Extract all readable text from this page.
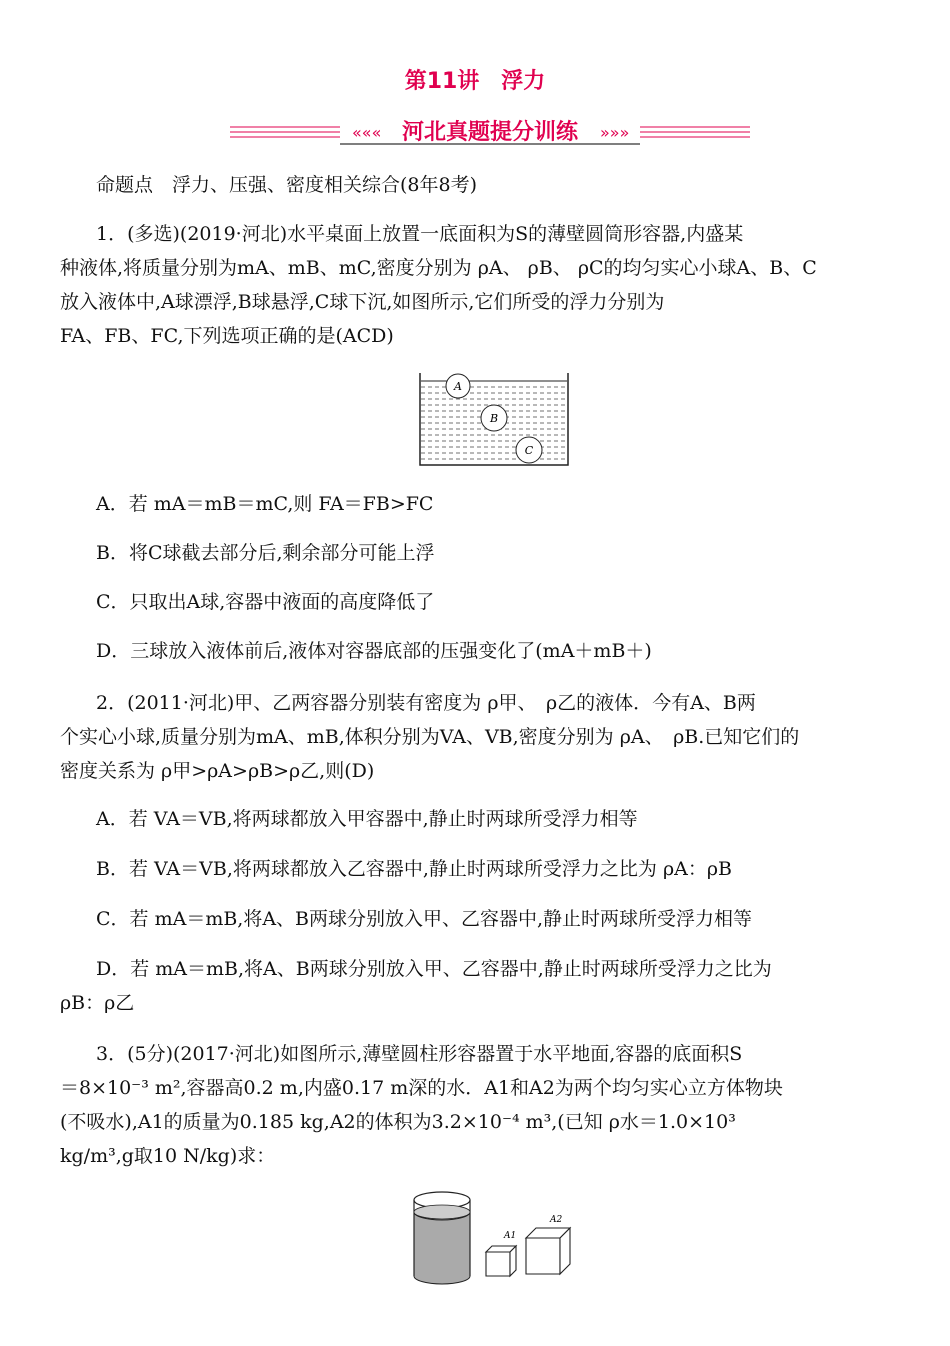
第11讲　浮力
««« 河北真题提分训练 »»»
命题点　浮力、压强、密度相关综合(8年8考)
1．(多选)(2019·河北)水平桌面上放置一底面积为S的薄壁圆筒形容器,内盛某
种液体,将质量分别为mA、mB、mC,密度分别为 ρA、 ρB、 ρC的均匀实心小球A、B、C
放入液体中,A球漂浮,B球悬浮,C球下沉,如图所示,它们所受的浮力分别为
FA、FB、FC,下列选项正确的是(ACD)
A
B
C
A．若 mA＝mB＝mC,则 FA＝FB>FC
B．将C球截去部分后,剩余部分可能上浮
C．只取出A球,容器中液面的高度降低了
D．三球放入液体前后,液体对容器底部的压强变化了(mA＋mB＋)
2．(2011·河北)甲、乙两容器分别装有密度为 ρ甲、　ρ乙的液体．今有A、B两
个实心小球,质量分别为mA、mB,体积分别为VA、VB,密度分别为 ρA、　ρB.已知它们的
密度关系为 ρ甲>ρA>ρB>ρ乙,则(D)
A．若 VA＝VB,将两球都放入甲容器中,静止时两球所受浮力相等
B．若 VA＝VB,将两球都放入乙容器中,静止时两球所受浮力之比为 ρA：ρB
C．若 mA＝mB,将A、B两球分别放入甲、乙容器中,静止时两球所受浮力相等
D．若 mA＝mB,将A、B两球分别放入甲、乙容器中,静止时两球所受浮力之比为
ρB：ρ乙
3．(5分)(2017·河北)如图所示,薄壁圆柱形容器置于水平地面,容器的底面积S
＝8×10⁻³ m²,容器高0.2 m,内盛0.17 m深的水．A1和A2为两个均匀实心立方体物块
(不吸水),A1的质量为0.185 kg,A2的体积为3.2×10⁻⁴ m³,(已知 ρ水＝1.0×10³
kg/m³,g取10 N/kg)求：
A1
A2
